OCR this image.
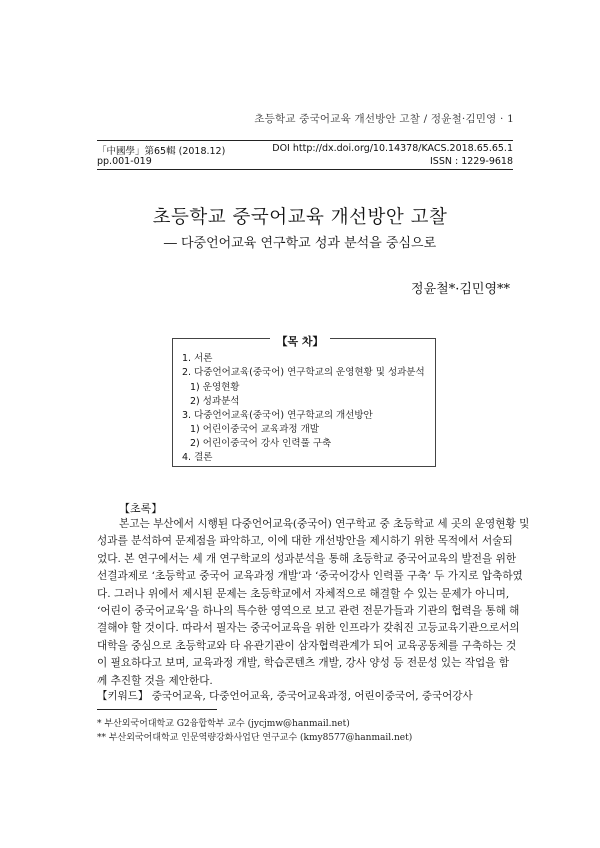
초등학교 중국어교육 개선방안 고찰 / 정윤철·김민영 · 1
「中國學」第65輯 (2018.12)
pp.001-019
DOI http://dx.doi.org/10.14378/KACS.2018.65.65.1
ISSN : 1229-9618
초등학교 중국어교육 개선방안 고찰
― 다중언어교육 연구학교 성과 분석을 중심으로
정윤철*·김민영**
【목 차】
1. 서론
2. 다중언어교육(중국어) 연구학교의 운영현황 및 성과분석
1) 운영현황
2) 성과분석
3. 다중언어교육(중국어) 연구학교의 개선방안
1) 어린이중국어 교육과정 개발
2) 어린이중국어 강사 인력풀 구축
4. 결론
【초록】
본고는 부산에서 시행된 다중언어교육(중국어) 연구학교 중 초등학교 세 곳의 운영현황 및
성과를 분석하여 문제점을 파악하고, 이에 대한 개선방안을 제시하기 위한 목적에서 서술되
었다. 본 연구에서는 세 개 연구학교의 성과분석을 통해 초등학교 중국어교육의 발전을 위한
선결과제로 ‘초등학교 중국어 교육과정 개발’과 ‘중국어강사 인력풀 구축’ 두 가지로 압축하였
다. 그러나 위에서 제시된 문제는 초등학교에서 자체적으로 해결할 수 있는 문제가 아니며,
‘어린이 중국어교육’을 하나의 특수한 영역으로 보고 관련 전문가들과 기관의 협력을 통해 해
결해야 할 것이다. 따라서 필자는 중국어교육을 위한 인프라가 갖춰진 고등교육기관으로서의
대학을 중심으로 초등학교와 타 유관기관이 삼자협력관계가 되어 교육공동체를 구축하는 것
이 필요하다고 보며, 교육과정 개발, 학습콘텐츠 개발, 강사 양성 등 전문성 있는 작업을 함
께 추진할 것을 제안한다.
【키워드】 중국어교육, 다중언어교육, 중국어교육과정, 어린이중국어, 중국어강사
* 부산외국어대학교 G2융합학부 교수 (jycjmw@hanmail.net)
** 부산외국어대학교 인문역량강화사업단 연구교수 (kmy8577@hanmail.net)
